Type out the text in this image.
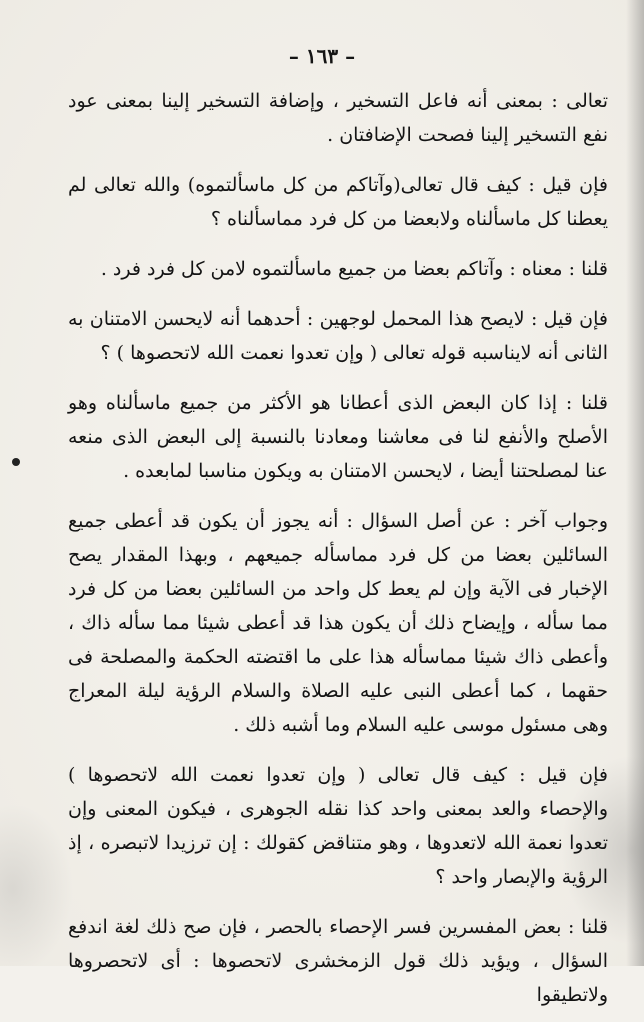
– ١٦٣ –

تعالى : بمعنى أنه فاعل التسخير ، وإضافة التسخير إلينا بمعنى عود نفع التسخير إلينا فصحت الإضافتان .

فإن قيل : كيف قال تعالى(وآتاكم من كل ماسألتموه) والله تعالى لم يعطنا كل ماسألناه ولابعضا من كل فرد مماسألناه ؟

قلنا : معناه : وآتاكم بعضا من جميع ماسألتموه لامن كل فرد فرد .

فإن قيل : لايصح هذا المحمل لوجهين : أحدهما أنه لايحسن الامتنان به الثانى أنه لايناسبه قوله تعالى ( وإن تعدوا نعمت الله لاتحصوها ) ؟

قلنا : إذا كان البعض الذى أعطانا هو الأكثر من جميع ماسألناه وهو الأصلح والأنفع لنا فى معاشنا ومعادنا بالنسبة إلى البعض الذى منعه عنا لمصلحتنا أيضا ، لايحسن الامتنان به ويكون مناسبا لمابعده .

وجواب آخر : عن أصل السؤال : أنه يجوز أن يكون قد أعطى جميع السائلين بعضا من كل فرد مماسأله جميعهم ، وبهذا المقدار يصح الإخبار فى الآية وإن لم يعط كل واحد من السائلين بعضا من كل فرد مما سأله ، وإيضاح ذلك أن يكون هذا قد أعطى شيئا مما سأله ذاك ، وأعطى ذاك شيئا مماسأله هذا على ما اقتضته الحكمة والمصلحة فى حقهما ، كما أعطى النبى عليه الصلاة والسلام الرؤية ليلة المعراج وهى مسئول موسى عليه السلام وما أشبه ذلك .

فإن قيل : كيف قال تعالى ( وإن تعدوا نعمت الله لاتحصوها ) والإحصاء والعد بمعنى واحد كذا نقله الجوهرى ، فيكون المعنى وإن تعدوا نعمة الله لاتعدوها ، وهو متناقض كقولك : إن ترزيدا لاتبصره ، إذ الرؤية والإبصار واحد ؟

قلنا : بعض المفسرين فسر الإحصاء بالحصر ، فإن صح ذلك لغة اندفع السؤال ، ويؤيد ذلك قول الزمخشرى لاتحصوها : أى لاتحصروها ولاتطيقوا
